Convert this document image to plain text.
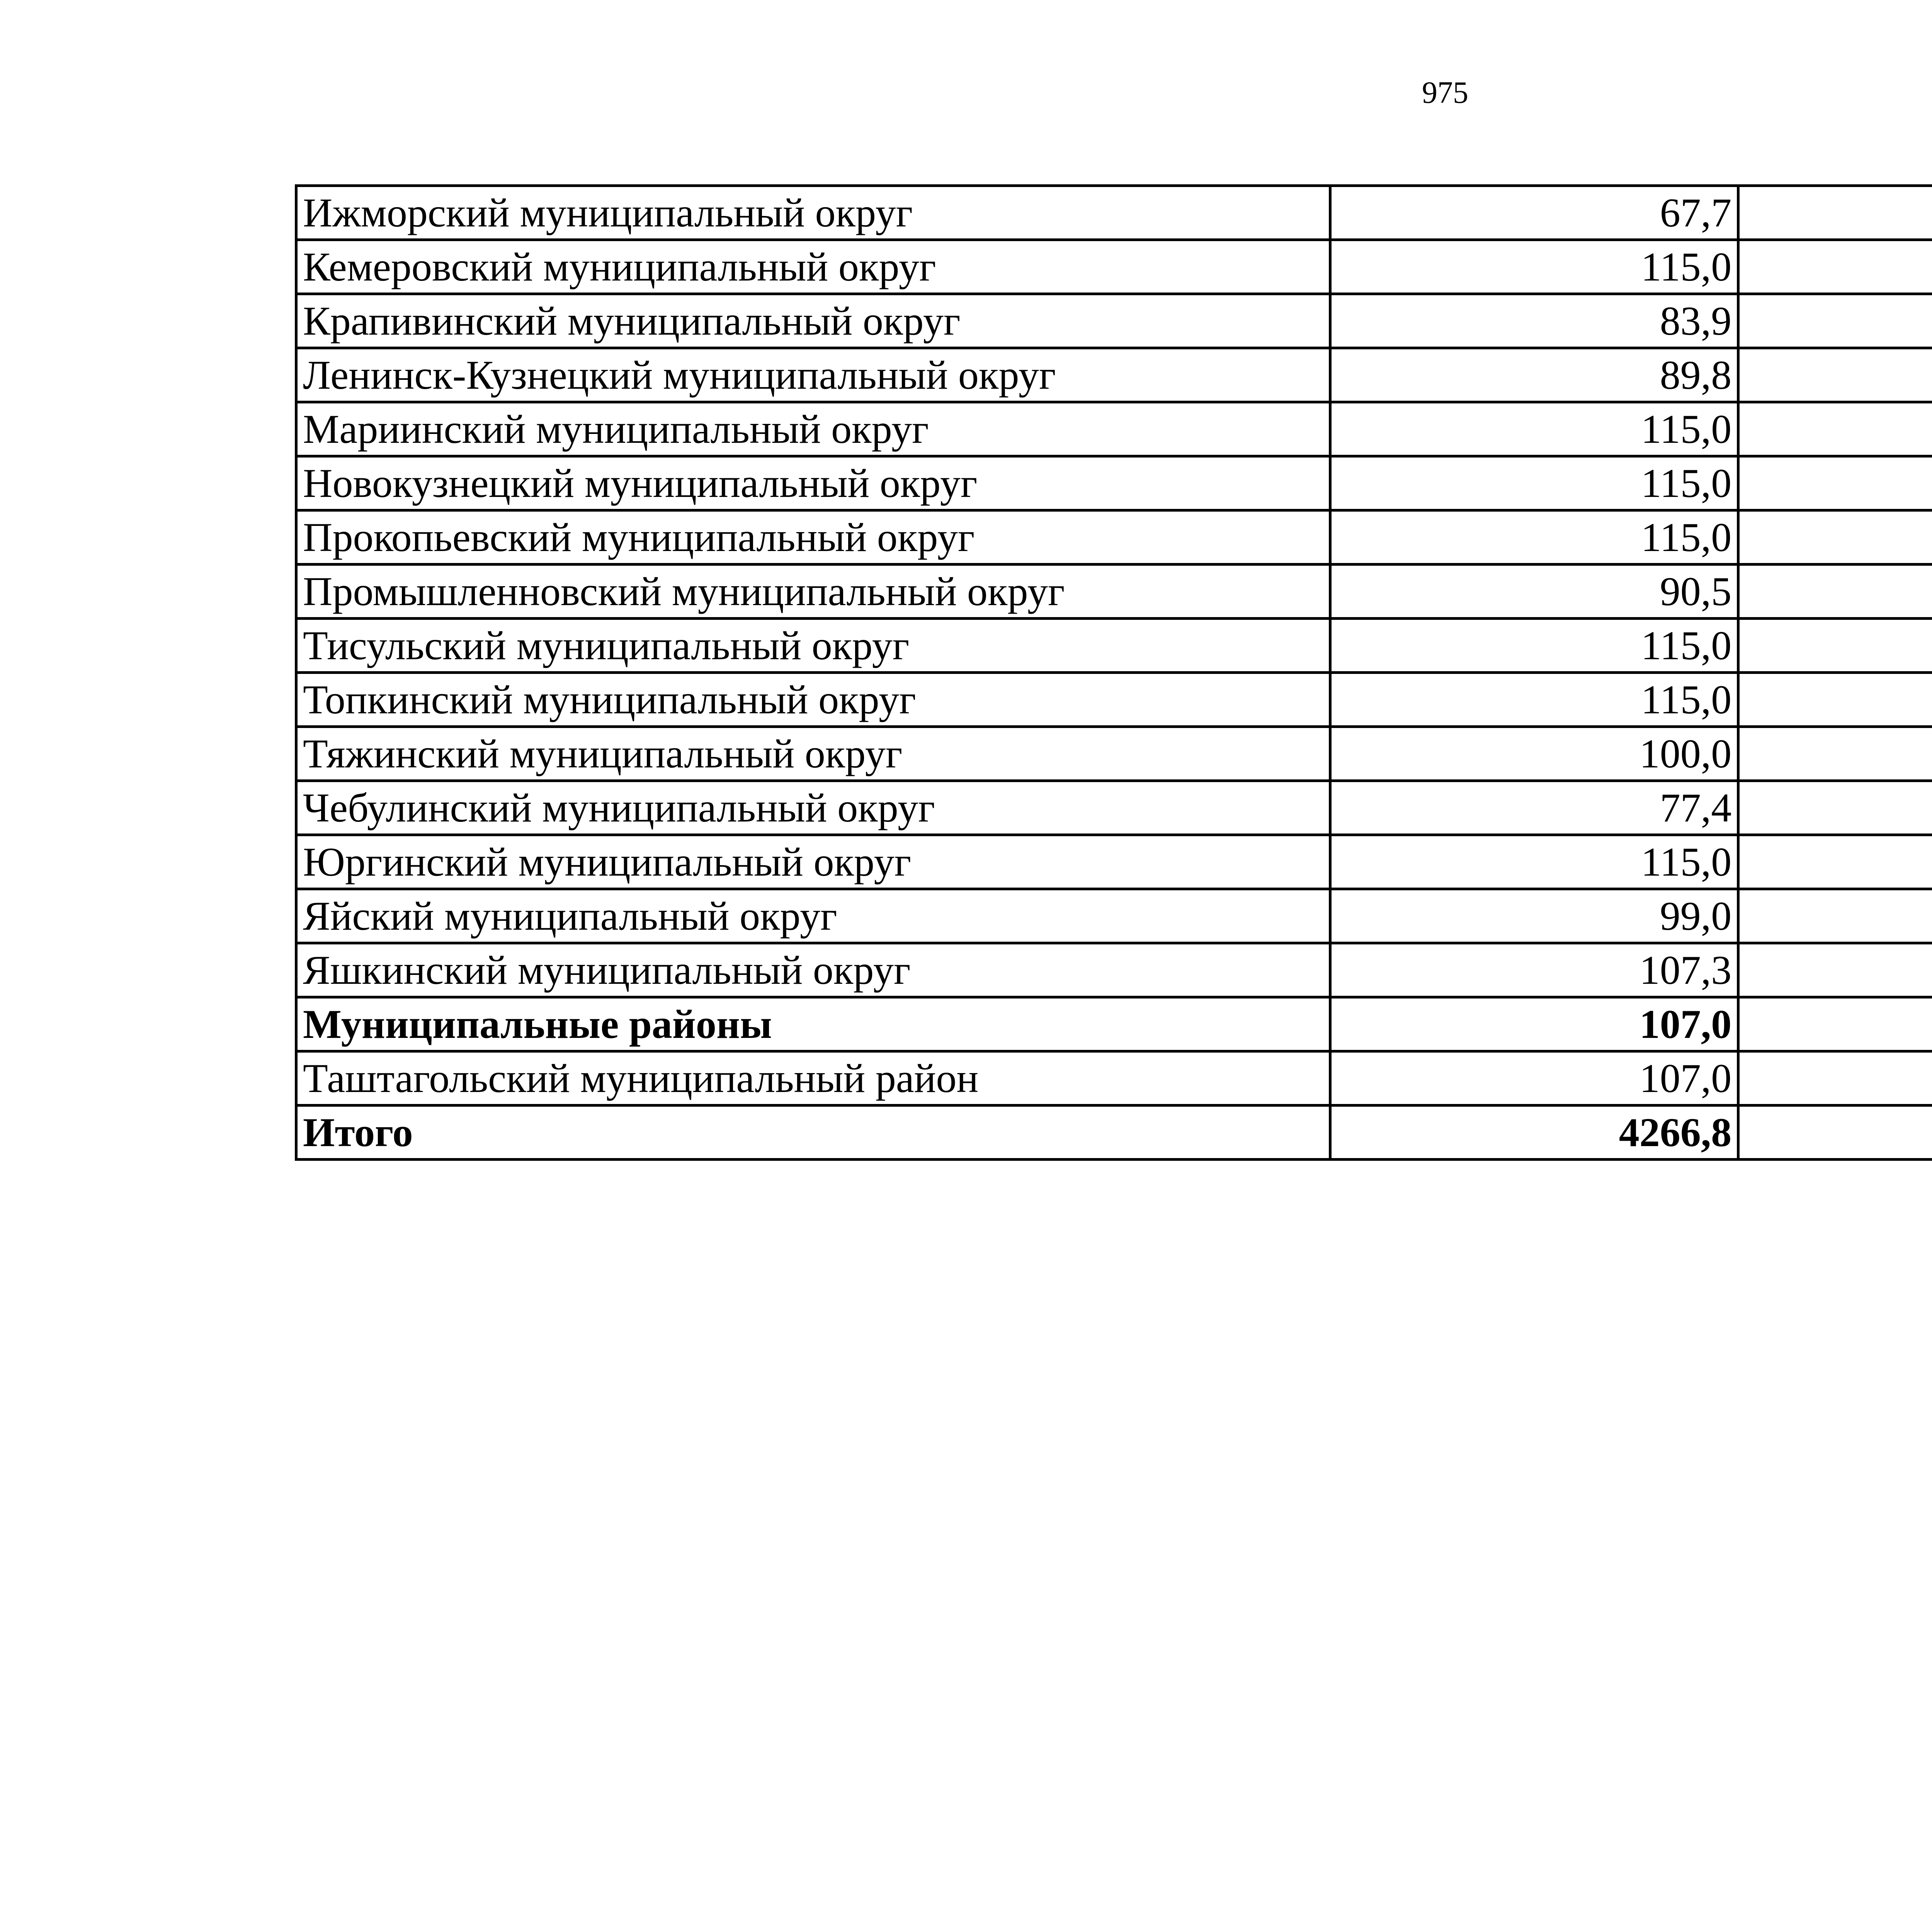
975
Ижморский муниципальный округ	67,7		
Кемеровский муниципальный округ	115,0		
Крапивинский муниципальный округ	83,9		
Ленинск-Кузнецкий муниципальный округ	89,8		
Мариинский муниципальный округ	115,0		
Новокузнецкий муниципальный округ	115,0		
Прокопьевский муниципальный округ	115,0		
Промышленновский муниципальный округ	90,5		
Тисульский муниципальный округ	115,0		
Топкинский муниципальный округ	115,0		
Тяжинский муниципальный округ	100,0		
Чебулинский муниципальный округ	77,4		
Юргинский муниципальный округ	115,0		
Яйский муниципальный округ	99,0		
Яшкинский муниципальный округ	107,3		
Муниципальные районы	107,0		
Таштагольский муниципальный район	107,0		
Итого	4266,8		
